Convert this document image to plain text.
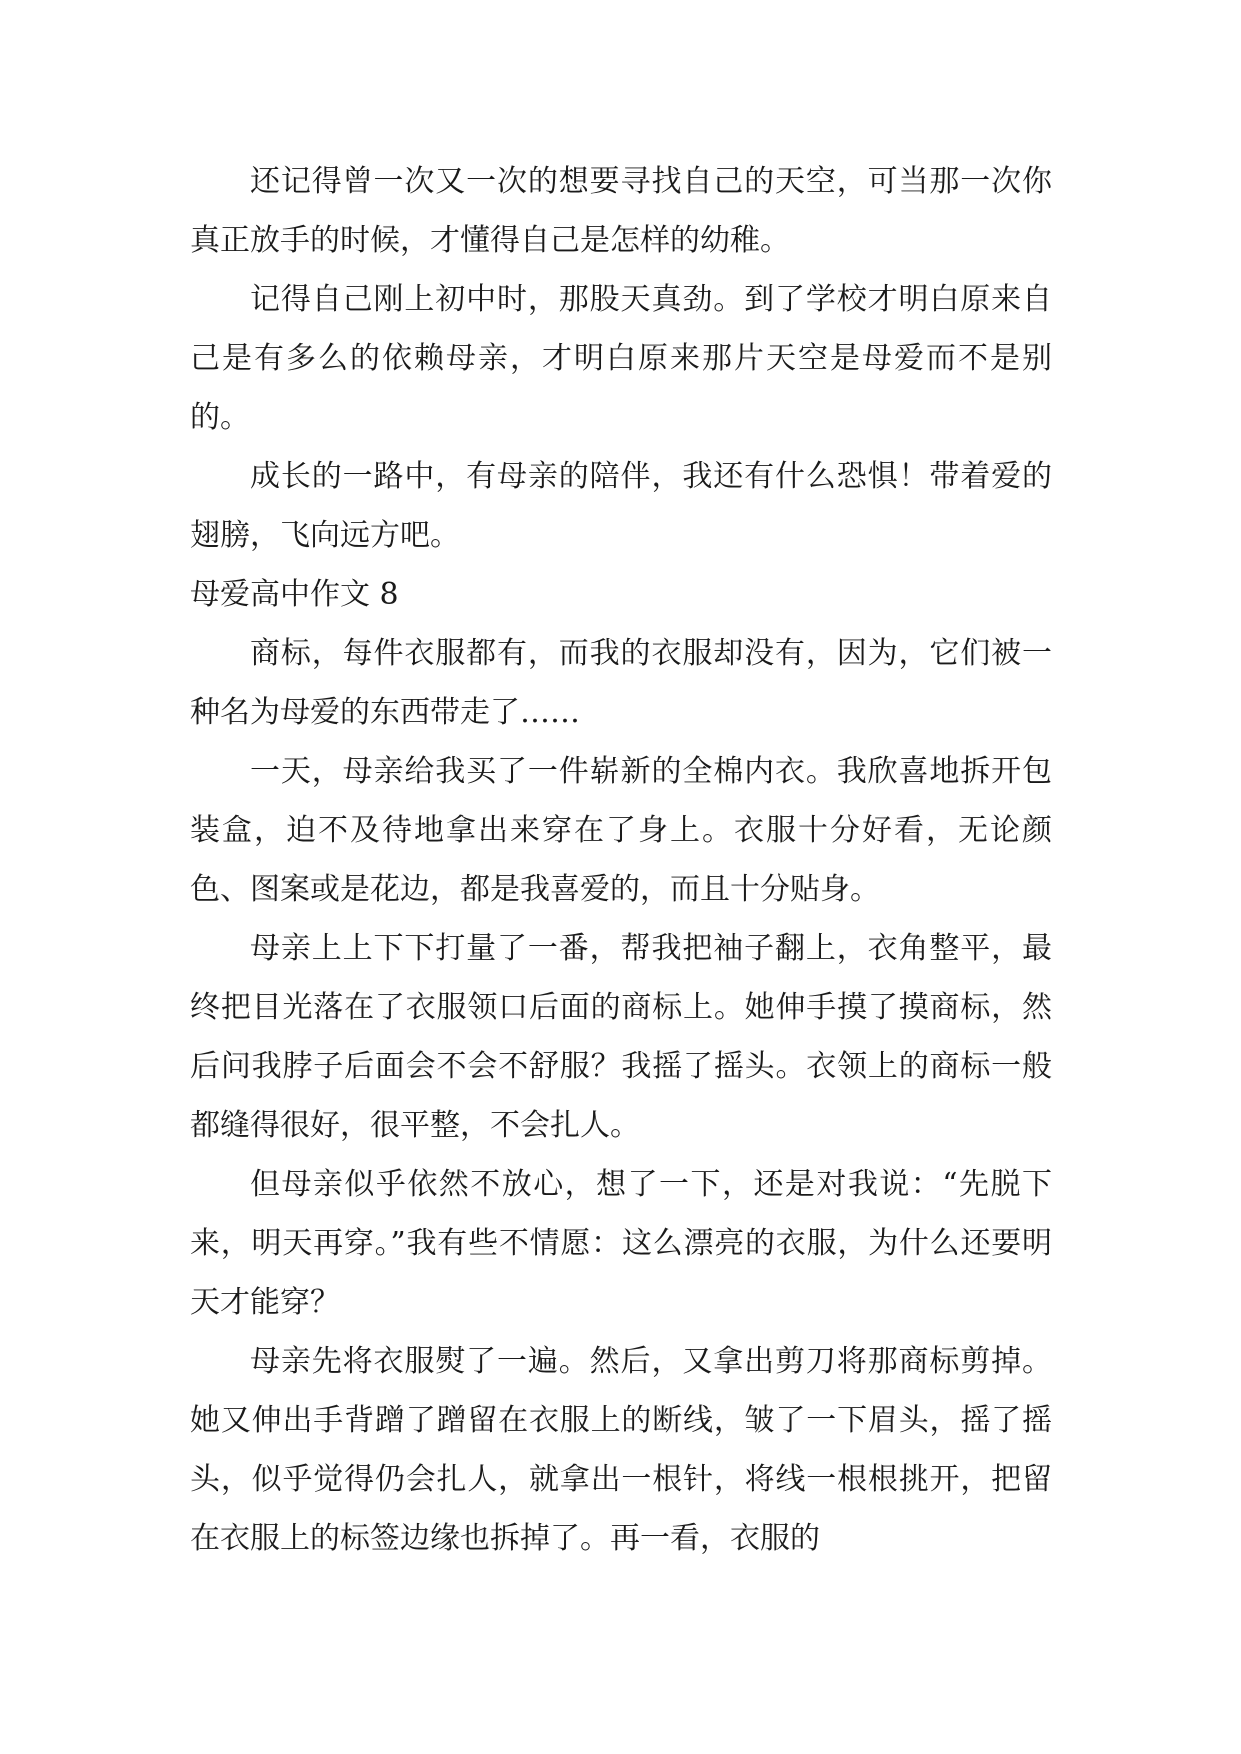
还记得曾一次又一次的想要寻找自己的天空，可当那一次你真正放手的时候，才懂得自己是怎样的幼稚。

记得自己刚上初中时，那股天真劲。到了学校才明白原来自己是有多么的依赖母亲，才明白原来那片天空是母爱而不是别的。

成长的一路中，有母亲的陪伴，我还有什么恐惧！带着爱的翅膀，飞向远方吧。

母爱高中作文 8

商标，每件衣服都有，而我的衣服却没有，因为，它们被一种名为母爱的东西带走了……

一天，母亲给我买了一件崭新的全棉内衣。我欣喜地拆开包装盒，迫不及待地拿出来穿在了身上。衣服十分好看，无论颜色、图案或是花边，都是我喜爱的，而且十分贴身。

母亲上上下下打量了一番，帮我把袖子翻上，衣角整平，最终把目光落在了衣服领口后面的商标上。她伸手摸了摸商标，然后问我脖子后面会不会不舒服？我摇了摇头。衣领上的商标一般都缝得很好，很平整，不会扎人。

但母亲似乎依然不放心，想了一下，还是对我说：“先脱下来，明天再穿。”我有些不情愿：这么漂亮的衣服，为什么还要明天才能穿？

母亲先将衣服熨了一遍。然后，又拿出剪刀将那商标剪掉。她又伸出手背蹭了蹭留在衣服上的断线，皱了一下眉头，摇了摇头，似乎觉得仍会扎人，就拿出一根针，将线一根根挑开，把留在衣服上的标签边缘也拆掉了。再一看，衣服的
